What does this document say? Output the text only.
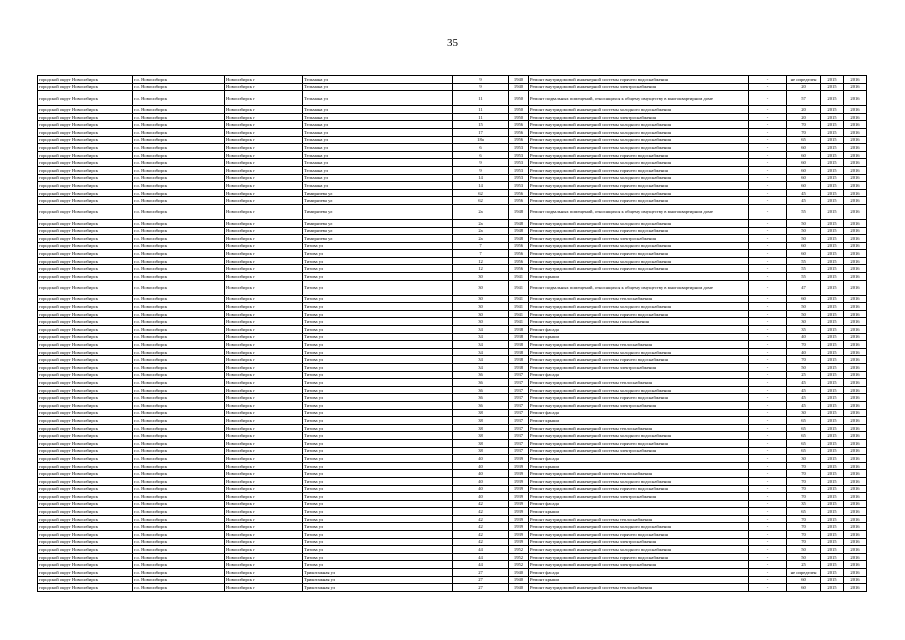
35
городской округ Новосибирск	г.о. Новосибирск	Новосибирск г	Тельмана ул	9	1940	Ремонт внутридомовой инженерной системы горячего водоснабжения	-	не определен	2015	2016
городской округ Новосибирск	г.о. Новосибирск	Новосибирск г	Тельмана ул	9	1940	Ремонт внутридомовой инженерной системы электроснабжения	-	20	2015	2016
городской округ Новосибирск	г.о. Новосибирск	Новосибирск г	Тельмана ул	11	1950	Ремонт подвальных помещений, относящихся к общему имуществу в многоквартирном доме	-	57	2015	2016
городской округ Новосибирск	г.о. Новосибирск	Новосибирск г	Тельмана ул	11	1950	Ремонт внутридомовой инженерной системы холодного водоснабжения	-	20	2015	2016
городской округ Новосибирск	г.о. Новосибирск	Новосибирск г	Тельмана ул	11	1950	Ремонт внутридомовой инженерной системы электроснабжения	-	20	2015	2016
городской округ Новосибирск	г.о. Новосибирск	Новосибирск г	Тельмана ул	15	1956	Ремонт внутридомовой инженерной системы холодного водоснабжения	-	70	2015	2016
городской округ Новосибирск	г.о. Новосибирск	Новосибирск г	Тельмана ул	17	1956	Ремонт внутридомовой инженерной системы холодного водоснабжения	-	70	2015	2016
городской округ Новосибирск	г.о. Новосибирск	Новосибирск г	Тельмана ул	18а	1956	Ремонт внутридомовой инженерной системы холодного водоснабжения	-	65	2015	2016
городской округ Новосибирск	г.о. Новосибирск	Новосибирск г	Тельмана ул	6	1953	Ремонт внутридомовой инженерной системы холодного водоснабжения	-	60	2015	2016
городской округ Новосибирск	г.о. Новосибирск	Новосибирск г	Тельмана ул	6	1953	Ремонт внутридомовой инженерной системы горячего водоснабжения	-	60	2015	2016
городской округ Новосибирск	г.о. Новосибирск	Новосибирск г	Тельмана ул	9	1953	Ремонт внутридомовой инженерной системы холодного водоснабжения	-	60	2015	2016
городской округ Новосибирск	г.о. Новосибирск	Новосибирск г	Тельмана ул	9	1953	Ремонт внутридомовой инженерной системы горячего водоснабжения	-	60	2015	2016
городской округ Новосибирск	г.о. Новосибирск	Новосибирск г	Тельмана ул	14	1953	Ремонт внутридомовой инженерной системы холодного водоснабжения	-	60	2015	2016
городской округ Новосибирск	г.о. Новосибирск	Новосибирск г	Тельмана ул	14	1953	Ремонт внутридомовой инженерной системы горячего водоснабжения	-	60	2015	2016
городской округ Новосибирск	г.о. Новосибирск	Новосибирск г	Тимирязева ул	62	1956	Ремонт внутридомовой инженерной системы холодного водоснабжения	-	45	2015	2016
городской округ Новосибирск	г.о. Новосибирск	Новосибирск г	Тимирязева ул	62	1956	Ремонт внутридомовой инженерной системы горячего водоснабжения	-	45	2015	2016
городской округ Новосибирск	г.о. Новосибирск	Новосибирск г	Тимирязева ул	2а	1948	Ремонт подвальных помещений, относящихся к общему имуществу в многоквартирном доме	-	55	2015	2016
городской округ Новосибирск	г.о. Новосибирск	Новосибирск г	Тимирязева ул	2а	1948	Ремонт внутридомовой инженерной системы холодного водоснабжения	-	50	2015	2016
городской округ Новосибирск	г.о. Новосибирск	Новосибирск г	Тимирязева ул	2а	1948	Ремонт внутридомовой инженерной системы горячего водоснабжения	-	50	2015	2016
городской округ Новосибирск	г.о. Новосибирск	Новосибирск г	Тимирязева ул	2а	1948	Ремонт внутридомовой инженерной системы электроснабжения	-	50	2015	2016
городской округ Новосибирск	г.о. Новосибирск	Новосибирск г	Титова ул	7	1956	Ремонт внутридомовой инженерной системы холодного водоснабжения	-	60	2015	2016
городской округ Новосибирск	г.о. Новосибирск	Новосибирск г	Титова ул	7	1956	Ремонт внутридомовой инженерной системы горячего водоснабжения	-	60	2015	2016
городской округ Новосибирск	г.о. Новосибирск	Новосибирск г	Титова ул	12	1956	Ремонт внутридомовой инженерной системы холодного водоснабжения	-	55	2015	2016
городской округ Новосибирск	г.о. Новосибирск	Новосибирск г	Титова ул	12	1956	Ремонт внутридомовой инженерной системы горячего водоснабжения	-	55	2015	2016
городской округ Новосибирск	г.о. Новосибирск	Новосибирск г	Титова ул	30	1941	Ремонт крыши	-	55	2015	2016
городской округ Новосибирск	г.о. Новосибирск	Новосибирск г	Титова ул	30	1941	Ремонт подвальных помещений, относящихся к общему имуществу в многоквартирном доме	-	47	2015	2016
городской округ Новосибирск	г.о. Новосибирск	Новосибирск г	Титова ул	30	1941	Ремонт внутридомовой инженерной системы теплоснабжения	-	60	2015	2016
городской округ Новосибирск	г.о. Новосибирск	Новосибирск г	Титова ул	30	1941	Ремонт внутридомовой инженерной системы холодного водоснабжения	-	50	2015	2016
городской округ Новосибирск	г.о. Новосибирск	Новосибирск г	Титова ул	30	1941	Ремонт внутридомовой инженерной системы горячего водоснабжения	-	50	2015	2016
городской округ Новосибирск	г.о. Новосибирск	Новосибирск г	Титова ул	30	1941	Ремонт внутридомовой инженерной системы газоснабжения	-	30	2015	2016
городской округ Новосибирск	г.о. Новосибирск	Новосибирск г	Титова ул	34	1938	Ремонт фасада	-	35	2015	2016
городской округ Новосибирск	г.о. Новосибирск	Новосибирск г	Титова ул	34	1938	Ремонт крыши	-	40	2015	2016
городской округ Новосибирск	г.о. Новосибирск	Новосибирск г	Титова ул	34	1938	Ремонт внутридомовой инженерной системы теплоснабжения	-	70	2015	2016
городской округ Новосибирск	г.о. Новосибирск	Новосибирск г	Титова ул	34	1938	Ремонт внутридомовой инженерной системы холодного водоснабжения	-	40	2015	2016
городской округ Новосибирск	г.о. Новосибирск	Новосибирск г	Титова ул	34	1938	Ремонт внутридомовой инженерной системы горячего водоснабжения	-	70	2015	2016
городской округ Новосибирск	г.о. Новосибирск	Новосибирск г	Титова ул	34	1938	Ремонт внутридомовой инженерной системы электроснабжения	-	50	2015	2016
городской округ Новосибирск	г.о. Новосибирск	Новосибирск г	Титова ул	36	1937	Ремонт фасада	-	25	2015	2016
городской округ Новосибирск	г.о. Новосибирск	Новосибирск г	Титова ул	36	1937	Ремонт внутридомовой инженерной системы теплоснабжения	-	45	2015	2016
городской округ Новосибирск	г.о. Новосибирск	Новосибирск г	Титова ул	36	1937	Ремонт внутридомовой инженерной системы холодного водоснабжения	-	45	2015	2016
городской округ Новосибирск	г.о. Новосибирск	Новосибирск г	Титова ул	36	1937	Ремонт внутридомовой инженерной системы горячего водоснабжения	-	45	2015	2016
городской округ Новосибирск	г.о. Новосибирск	Новосибирск г	Титова ул	36	1937	Ремонт внутридомовой инженерной системы электроснабжения	-	45	2015	2016
городской округ Новосибирск	г.о. Новосибирск	Новосибирск г	Титова ул	38	1937	Ремонт фасада	-	30	2015	2016
городской округ Новосибирск	г.о. Новосибирск	Новосибирск г	Титова ул	38	1937	Ремонт крыши	-	65	2015	2016
городской округ Новосибирск	г.о. Новосибирск	Новосибирск г	Титова ул	38	1937	Ремонт внутридомовой инженерной системы теплоснабжения	-	65	2015	2016
городской округ Новосибирск	г.о. Новосибирск	Новосибирск г	Титова ул	38	1937	Ремонт внутридомовой инженерной системы холодного водоснабжения	-	65	2015	2016
городской округ Новосибирск	г.о. Новосибирск	Новосибирск г	Титова ул	38	1937	Ремонт внутридомовой инженерной системы горячего водоснабжения	-	65	2015	2016
городской округ Новосибирск	г.о. Новосибирск	Новосибирск г	Титова ул	38	1937	Ремонт внутридомовой инженерной системы электроснабжения	-	65	2015	2016
городской округ Новосибирск	г.о. Новосибирск	Новосибирск г	Титова ул	40	1939	Ремонт фасада	-	30	2015	2016
городской округ Новосибирск	г.о. Новосибирск	Новосибирск г	Титова ул	40	1939	Ремонт крыши	-	70	2015	2016
городской округ Новосибирск	г.о. Новосибирск	Новосибирск г	Титова ул	40	1939	Ремонт внутридомовой инженерной системы теплоснабжения	-	70	2015	2016
городской округ Новосибирск	г.о. Новосибирск	Новосибирск г	Титова ул	40	1939	Ремонт внутридомовой инженерной системы холодного водоснабжения	-	70	2015	2016
городской округ Новосибирск	г.о. Новосибирск	Новосибирск г	Титова ул	40	1939	Ремонт внутридомовой инженерной системы горячего водоснабжения	-	70	2015	2016
городской округ Новосибирск	г.о. Новосибирск	Новосибирск г	Титова ул	40	1939	Ремонт внутридомовой инженерной системы электроснабжения	-	70	2015	2016
городской округ Новосибирск	г.о. Новосибирск	Новосибирск г	Титова ул	42	1939	Ремонт фасада	-	35	2015	2016
городской округ Новосибирск	г.о. Новосибирск	Новосибирск г	Титова ул	42	1939	Ремонт крыши	-	65	2015	2016
городской округ Новосибирск	г.о. Новосибирск	Новосибирск г	Титова ул	42	1939	Ремонт внутридомовой инженерной системы теплоснабжения	-	70	2015	2016
городской округ Новосибирск	г.о. Новосибирск	Новосибирск г	Титова ул	42	1939	Ремонт внутридомовой инженерной системы холодного водоснабжения	-	70	2015	2016
городской округ Новосибирск	г.о. Новосибирск	Новосибирск г	Титова ул	42	1939	Ремонт внутридомовой инженерной системы горячего водоснабжения	-	70	2015	2016
городской округ Новосибирск	г.о. Новосибирск	Новосибирск г	Титова ул	42	1939	Ремонт внутридомовой инженерной системы электроснабжения	-	70	2015	2016
городской округ Новосибирск	г.о. Новосибирск	Новосибирск г	Титова ул	44	1952	Ремонт внутридомовой инженерной системы холодного водоснабжения	-	50	2015	2016
городской округ Новосибирск	г.о. Новосибирск	Новосибирск г	Титова ул	44	1952	Ремонт внутридомовой инженерной системы горячего водоснабжения	-	50	2015	2016
городской округ Новосибирск	г.о. Новосибирск	Новосибирск г	Титова ул	44	1952	Ремонт внутридомовой инженерной системы электроснабжения	-	25	2015	2016
городской округ Новосибирск	г.о. Новосибирск	Новосибирск г	Трикотажная ул	27	1940	Ремонт фасада	-	не определен	2015	2016
городской округ Новосибирск	г.о. Новосибирск	Новосибирск г	Трикотажная ул	27	1940	Ремонт крыши	-	60	2015	2016
городской округ Новосибирск	г.о. Новосибирск	Новосибирск г	Трикотажная ул	27	1940	Ремонт внутридомовой инженерной системы теплоснабжения	-	60	2015	2016
